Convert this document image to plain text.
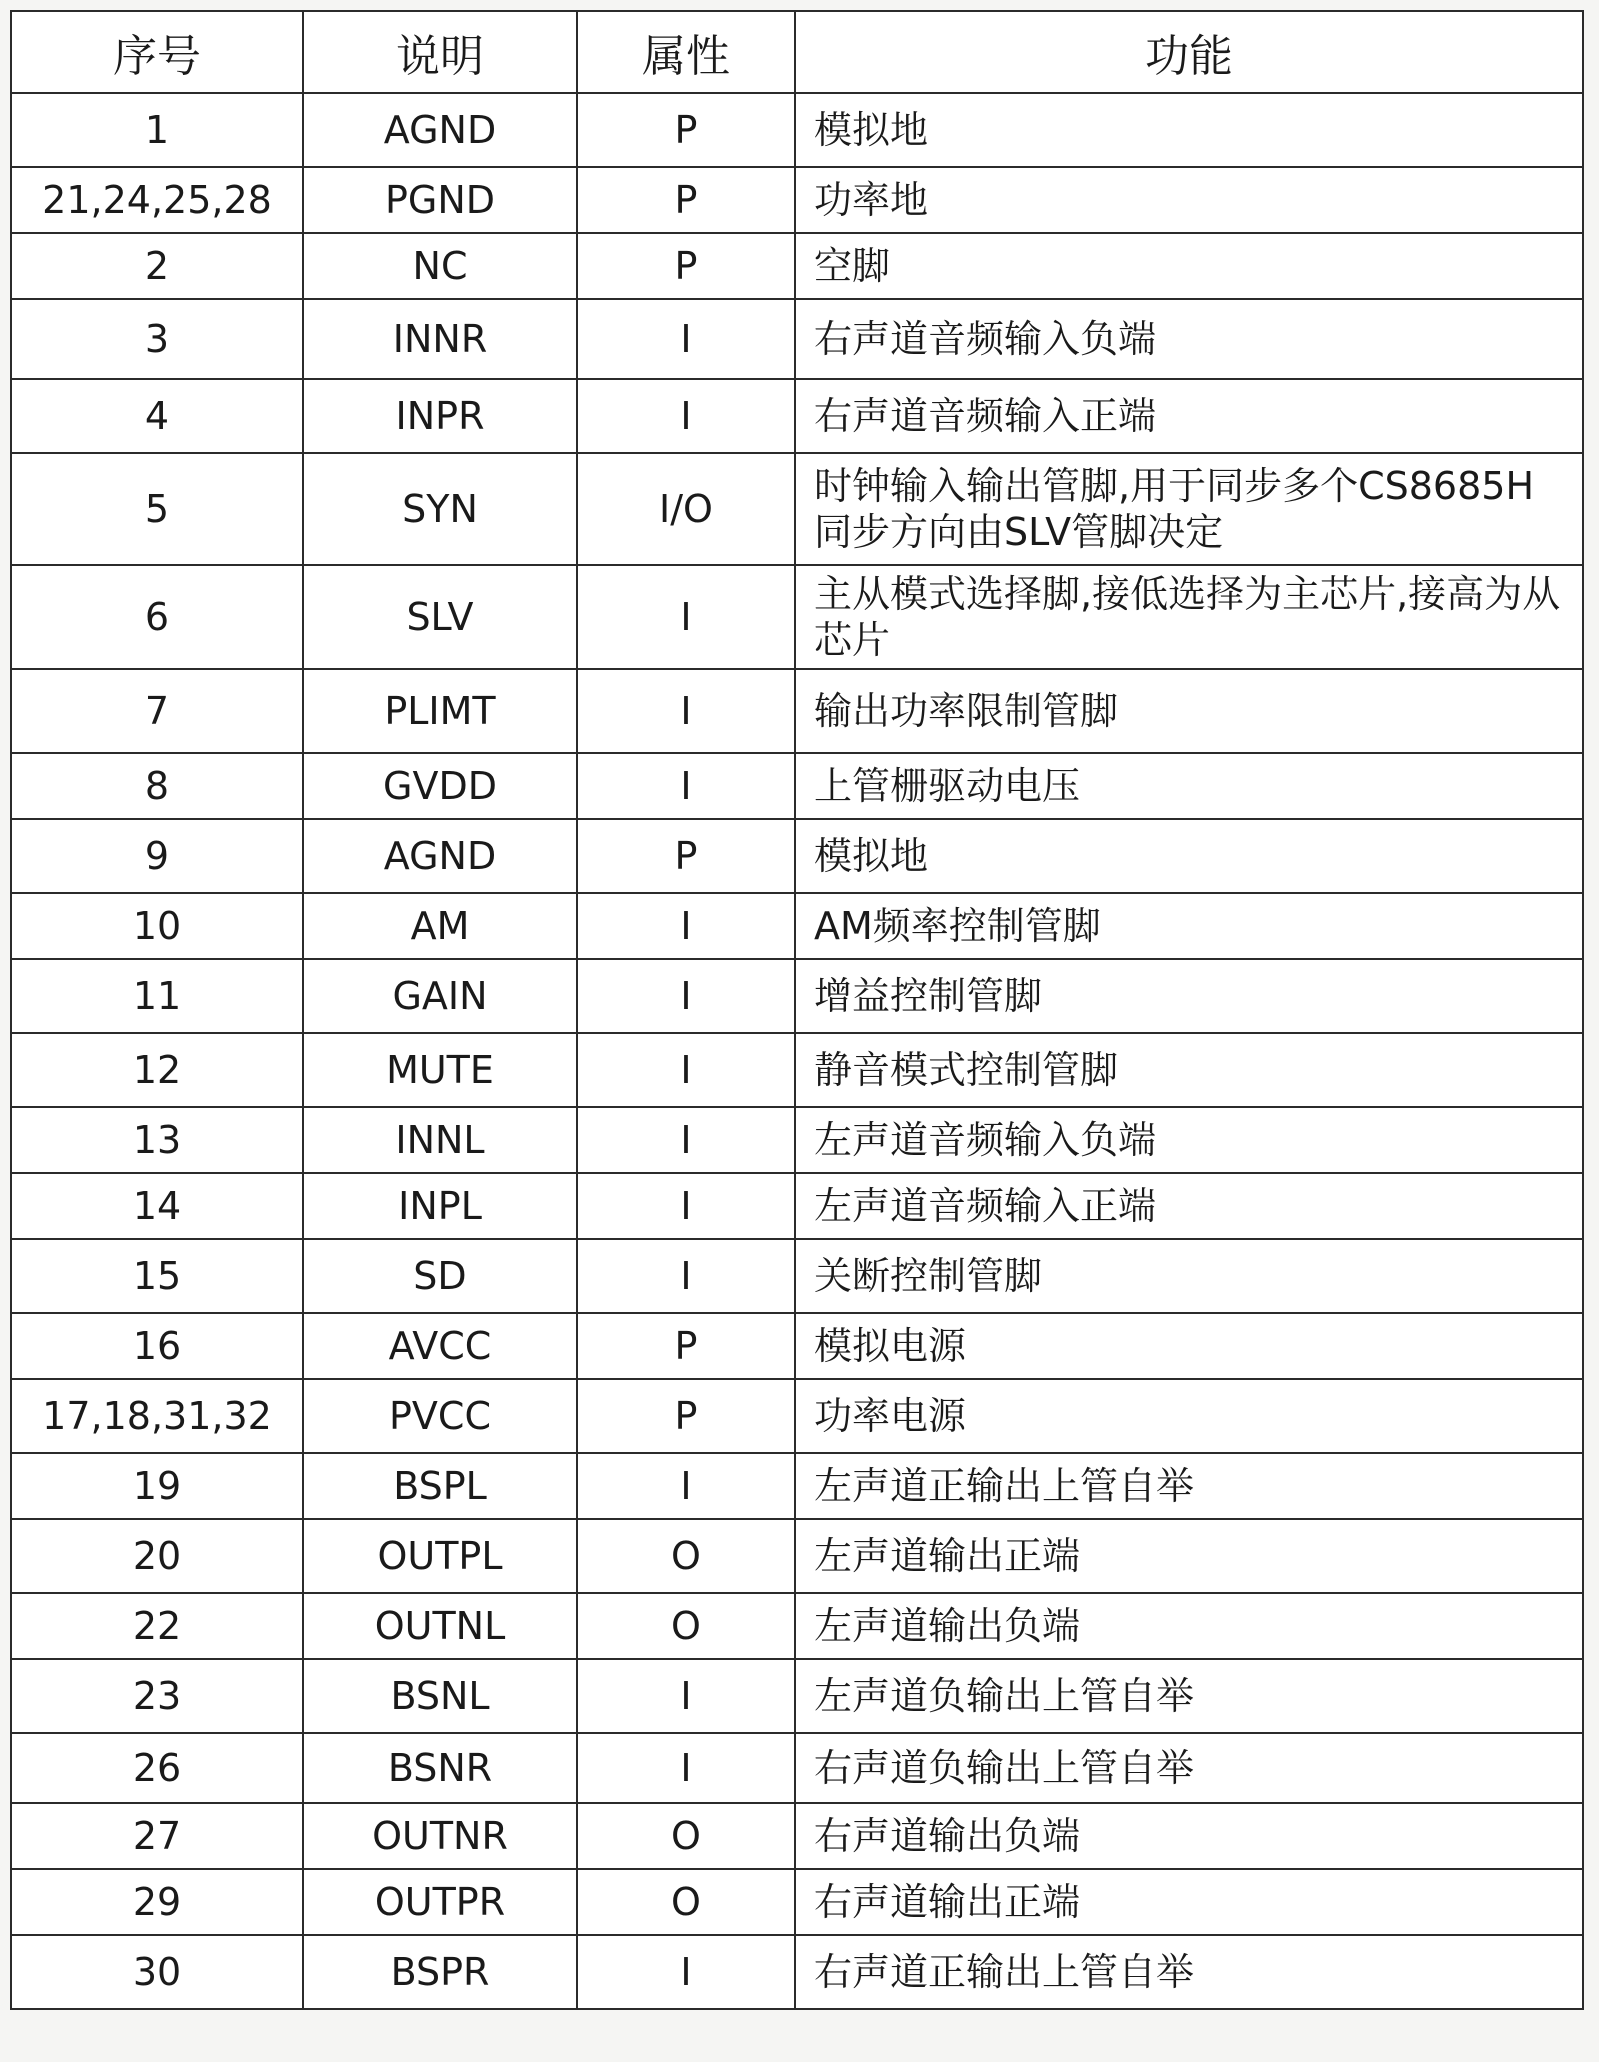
序号	说明	属性	功能
1	AGND	P	模拟地
21,24,25,28	PGND	P	功率地
2	NC	P	空脚
3	INNR	I	右声道音频输入负端
4	INPR	I	右声道音频输入正端
5	SYN	I/O	时钟输入输出管脚,用于同步多个CS8685H同步方向由SLV管脚决定
6	SLV	I	主从模式选择脚,接低选择为主芯片,接高为从芯片
7	PLIMT	I	输出功率限制管脚
8	GVDD	I	上管栅驱动电压
9	AGND	P	模拟地
10	AM	I	AM频率控制管脚
11	GAIN	I	增益控制管脚
12	MUTE	I	静音模式控制管脚
13	INNL	I	左声道音频输入负端
14	INPL	I	左声道音频输入正端
15	SD	I	关断控制管脚
16	AVCC	P	模拟电源
17,18,31,32	PVCC	P	功率电源
19	BSPL	I	左声道正输出上管自举
20	OUTPL	O	左声道输出正端
22	OUTNL	O	左声道输出负端
23	BSNL	I	左声道负输出上管自举
26	BSNR	I	右声道负输出上管自举
27	OUTNR	O	右声道输出负端
29	OUTPR	O	右声道输出正端
30	BSPR	I	右声道正输出上管自举
